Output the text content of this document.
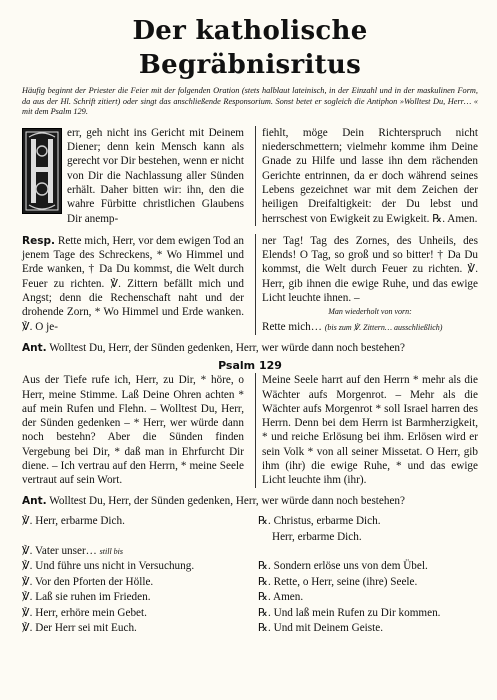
Der katholische Begräbnisritus
Häufig beginnt der Priester die Feier mit der folgenden Oration (stets halblaut lateinisch, in der Einzahl und in der maskulinen Form, da aus der Hl. Schrift zitiert) oder singt das anschließende Responsorium. Sonst betet er sogleich die Antiphon »Wolltest Du, Herr… « mit dem Psalm 129.
err, geh nicht ins Gericht mit Deinem Diener; denn kein Mensch kann als gerecht vor Dir bestehen, wenn er nicht von Dir die Nachlassung aller Sünden erhält. Daher bitten wir: ihn, den die wahre Fürbitte christlichen Glaubens Dir anemp-
fiehlt, möge Dein Richterspruch nicht niederschmettern; vielmehr komme ihm Deine Gnade zu Hilfe und lasse ihn dem rächenden Gerichte entrinnen, da er doch während seines Lebens gezeichnet war mit dem Zeichen der heiligen Dreifaltigkeit: der Du lebst und herrschest von Ewigkeit zu Ewigkeit. ℞. Amen.
Resp. Rette mich, Herr, vor dem ewigen Tod an jenem Tage des Schreckens, * Wo Himmel und Erde wanken, † Da Du kommst, die Welt durch Feuer zu richten. ℣. Zittern befällt mich und Angst; denn die Rechenschaft naht und der drohende Zorn, * Wo Himmel und Erde wanken. ℣. O je-
ner Tag! Tag des Zornes, des Unheils, des Elends! O Tag, so groß und so bitter! † Da Du kommst, die Welt durch Feuer zu richten. ℣. Herr, gib ihnen die ewige Ruhe, und das ewige Licht leuchte ihnen. –
Man wiederholt von vorn:
Rette mich… (bis zum ℣. Zittern… ausschließlich)
Ant. Wolltest Du, Herr, der Sünden gedenken, Herr, wer würde dann noch bestehen?
Psalm 129
Aus der Tiefe rufe ich, Herr, zu Dir, * höre, o Herr, meine Stimme. Laß Deine Ohren achten * auf mein Rufen und Flehn. – Wolltest Du, Herr, der Sünden gedenken – * Herr, wer würde dann noch bestehn? Aber die Sünden finden Vergebung bei Dir, * daß man in Ehrfurcht Dir diene. – Ich vertrau auf den Herrn, * meine Seele vertraut auf sein Wort.
Meine Seele harrt auf den Herrn * mehr als die Wächter aufs Morgenrot. – Mehr als die Wächter aufs Morgenrot * soll Israel harren des Herrn. Denn bei dem Herrn ist Barmherzigkeit, * und reiche Erlösung bei ihm. Erlösen wird er sein Volk * von all seiner Missetat. O Herr, gib ihm (ihr) die ewige Ruhe, * und das ewige Licht leuchte ihm (ihr).
Ant. Wolltest Du, Herr, der Sünden gedenken, Herr, wer würde dann noch bestehen?
℣. Herr, erbarme Dich.
℣. Vater unser… still bis
℣. Und führe uns nicht in Versuchung.
℣. Vor den Pforten der Hölle.
℣. Laß sie ruhen im Frieden.
℣. Herr, erhöre mein Gebet.
℣. Der Herr sei mit Euch.
℞. Christus, erbarme Dich.
Herr, erbarme Dich.
℞. Sondern erlöse uns von dem Übel.
℞. Rette, o Herr, seine (ihre) Seele.
℞. Amen.
℞. Und laß mein Rufen zu Dir kommen.
℞. Und mit Deinem Geiste.
